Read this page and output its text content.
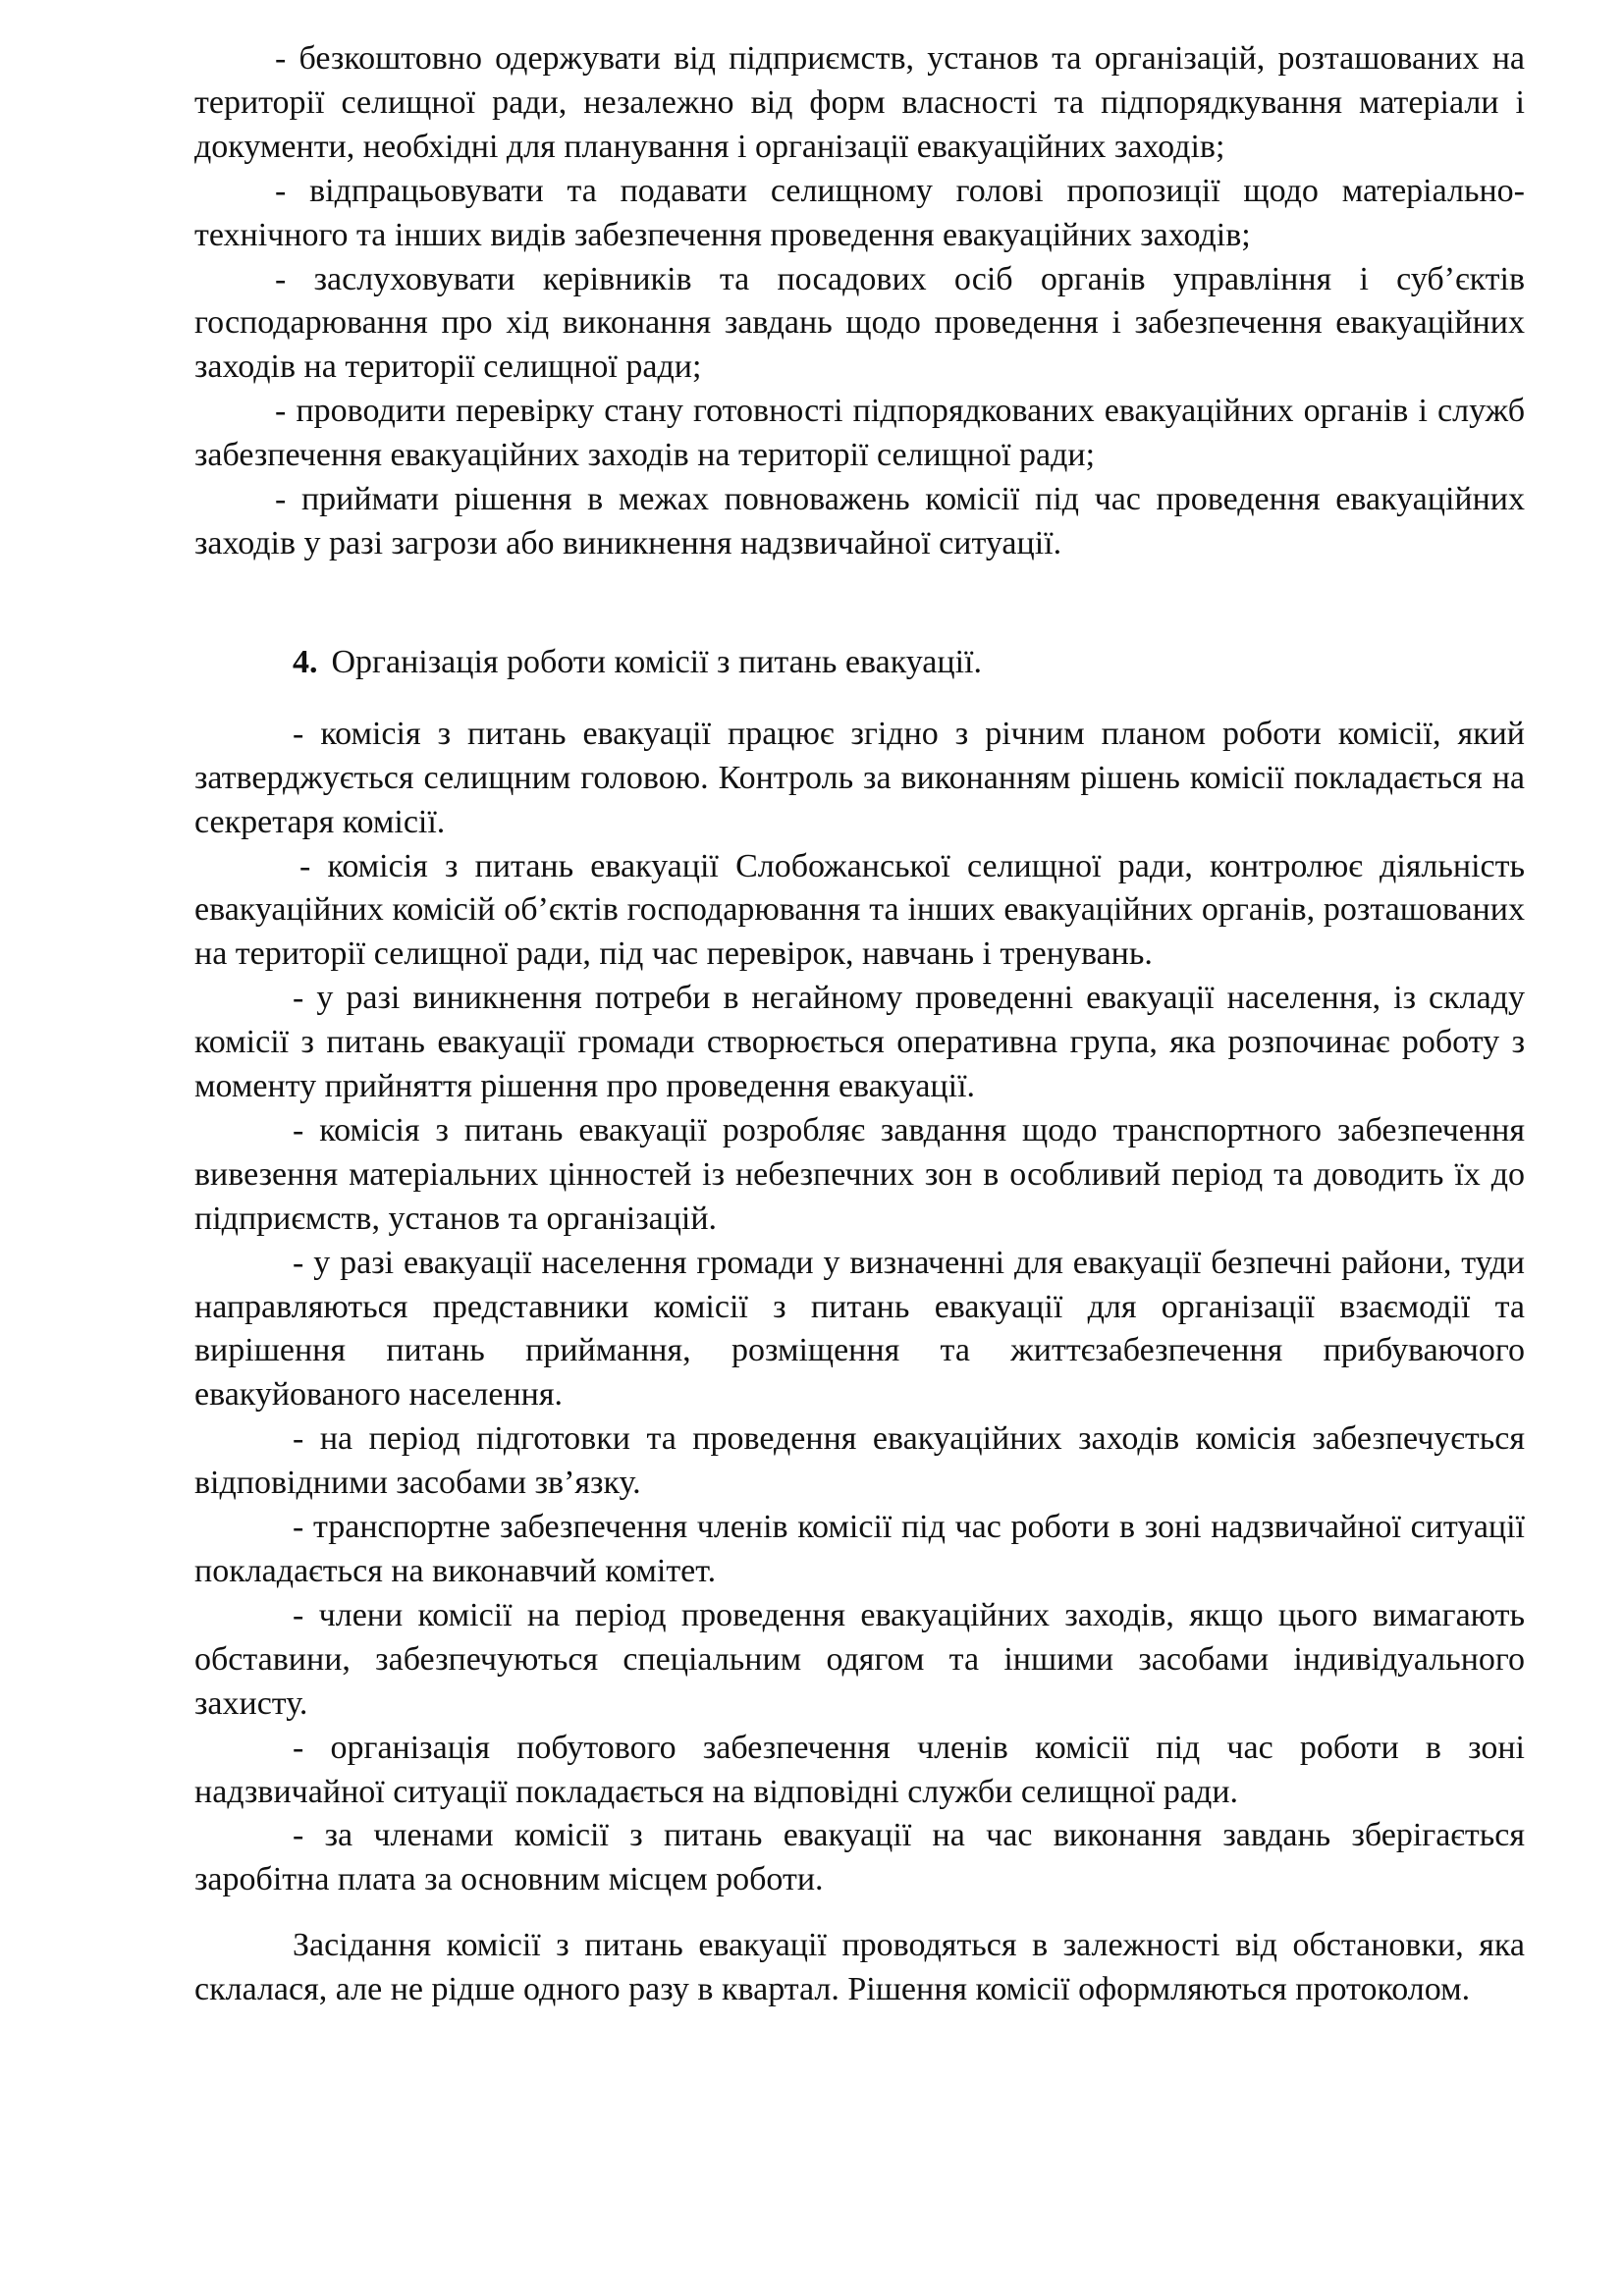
- безкоштовно одержувати від підприємств, установ та організацій, розташованих на території селищної ради, незалежно від форм власності та підпорядкування матеріали і документи, необхідні для планування і організації евакуаційних заходів;

- відпрацьовувати та подавати селищному голові пропозиції щодо матеріально-технічного та інших видів забезпечення проведення евакуаційних заходів;

- заслуховувати керівників та посадових осіб органів управління і суб’єктів господарювання про хід виконання завдань щодо проведення і забезпечення евакуаційних заходів на території селищної ради;

- проводити перевірку стану готовності підпорядкованих евакуаційних органів і служб забезпечення евакуаційних заходів на території селищної ради;

- приймати рішення в межах повноважень комісії під час проведення евакуаційних заходів у разі загрози або виникнення надзвичайної ситуації.

4. Організація роботи комісії з питань евакуації.

- комісія з питань евакуації працює згідно з річним планом роботи комісії, який затверджується селищним головою. Контроль за виконанням рішень комісії покладається на секретаря комісії.

- комісія з питань евакуації Слобожанської селищної ради, контролює діяльність евакуаційних комісій об’єктів господарювання та інших евакуаційних органів, розташованих на території селищної ради, під час перевірок, навчань і тренувань.

- у разі виникнення потреби в негайному проведенні евакуації населення, із складу комісії з питань евакуації громади створюється оперативна група, яка розпочинає роботу з моменту прийняття рішення про проведення евакуації.

- комісія з питань евакуації розробляє завдання щодо транспортного забезпечення вивезення матеріальних цінностей із небезпечних зон в особливий період та доводить їх до підприємств, установ та організацій.

- у разі евакуації населення громади у визначенні для евакуації безпечні райони, туди направляються представники комісії з питань евакуації для організації взаємодії та вирішення питань приймання, розміщення та життєзабезпечення прибуваючого евакуйованого населення.

- на період підготовки та проведення евакуаційних заходів комісія забезпечується відповідними засобами зв’язку.

- транспортне забезпечення членів комісії під час роботи в зоні надзвичайної ситуації покладається на виконавчий комітет.

- члени комісії на період проведення евакуаційних заходів, якщо цього вимагають обставини, забезпечуються спеціальним одягом та іншими засобами індивідуального захисту.

- організація побутового забезпечення членів комісії під час роботи в зоні надзвичайної ситуації покладається на відповідні служби селищної ради.

- за членами комісії з питань евакуації на час виконання завдань зберігається заробітна плата за основним місцем роботи.

Засідання комісії з питань евакуації проводяться в залежності від обстановки, яка склалася, але не рідше одного разу в квартал. Рішення комісії оформляються протоколом.
